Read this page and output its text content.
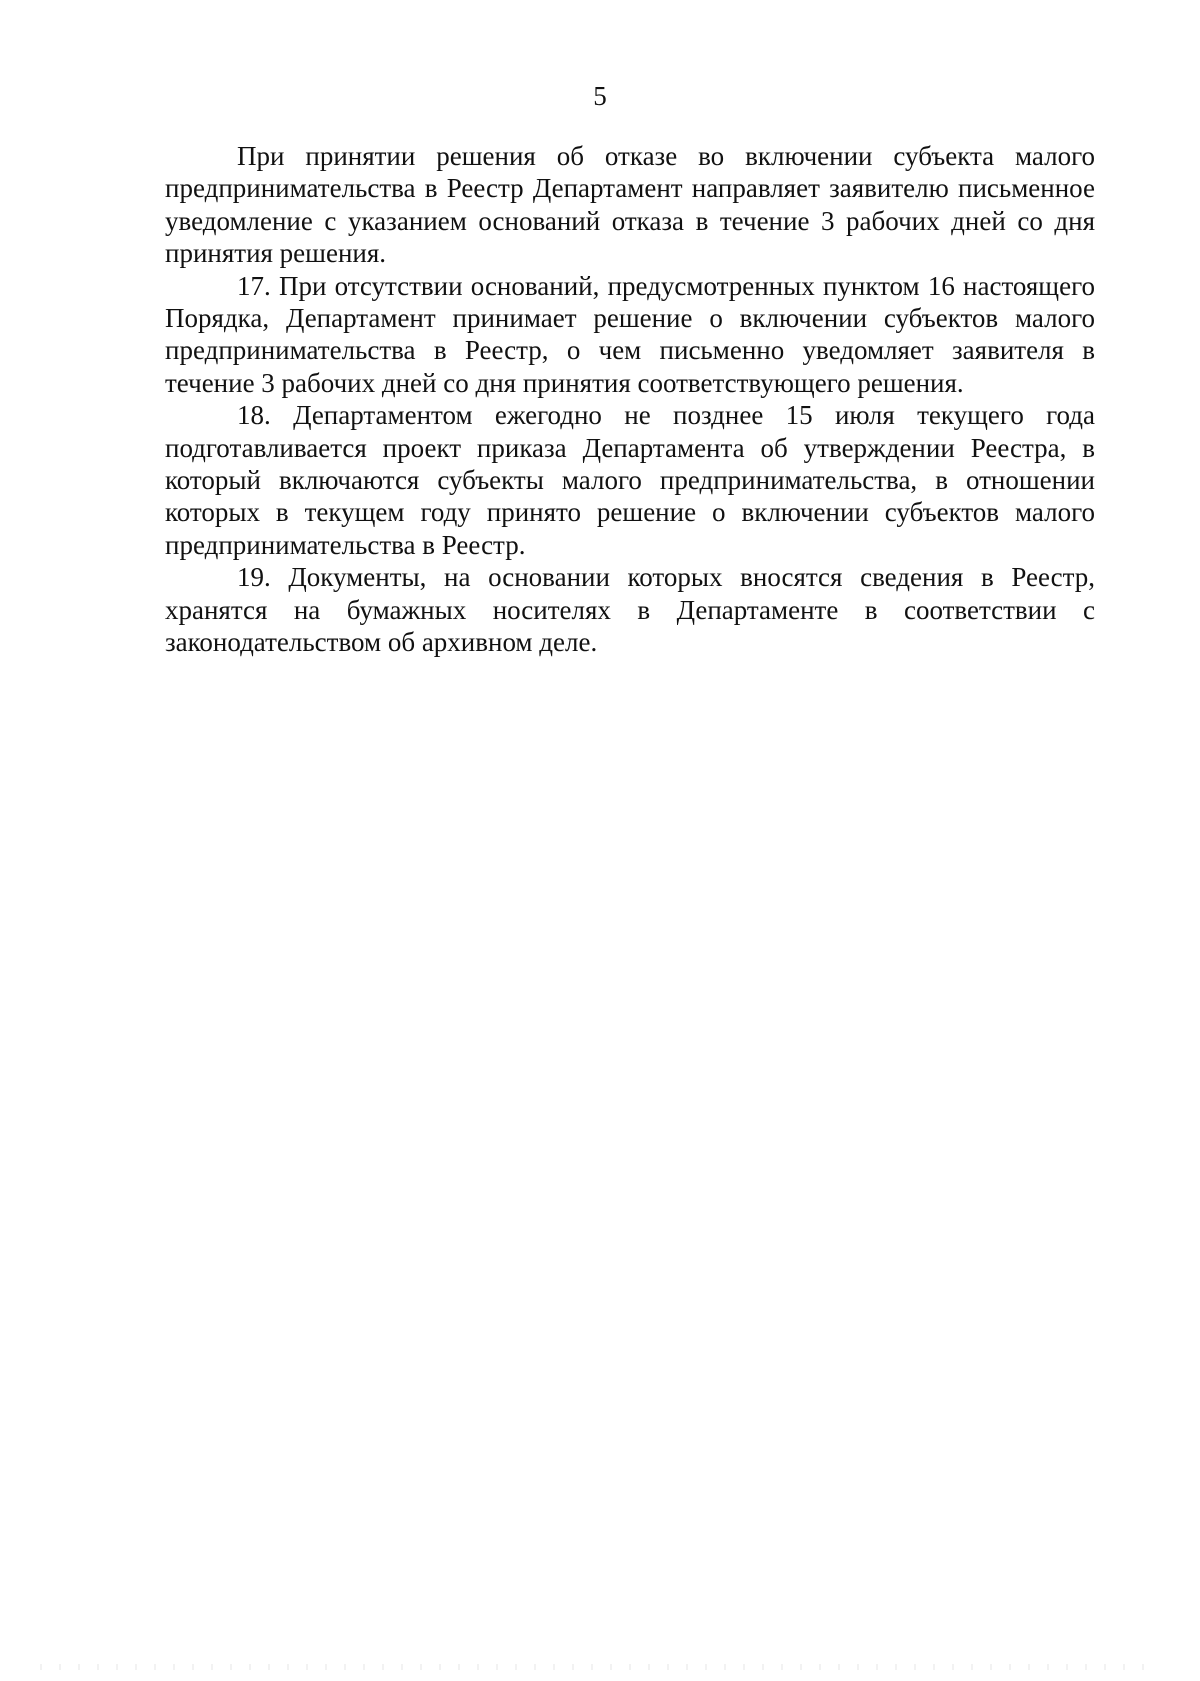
5

При принятии решения об отказе во включении субъекта малого предпринимательства в Реестр Департамент направляет заявителю письменное уведомление с указанием оснований отказа в течение 3 рабочих дней со дня принятия решения.

17. При отсутствии оснований, предусмотренных пунктом 16 настоящего Порядка, Департамент принимает решение о включении субъектов малого предпринимательства в Реестр, о чем письменно уведомляет заявителя в течение 3 рабочих дней со дня принятия соответствующего решения.

18. Департаментом ежегодно не позднее 15 июля текущего года подготавливается проект приказа Департамента об утверждении Реестра, в который включаются субъекты малого предпринимательства, в отношении которых в текущем году принято решение о включении субъектов малого предпринимательства в Реестр.

19. Документы, на основании которых вносятся сведения в Реестр, хранятся на бумажных носителях в Департаменте в соответствии с законодательством об архивном деле.
